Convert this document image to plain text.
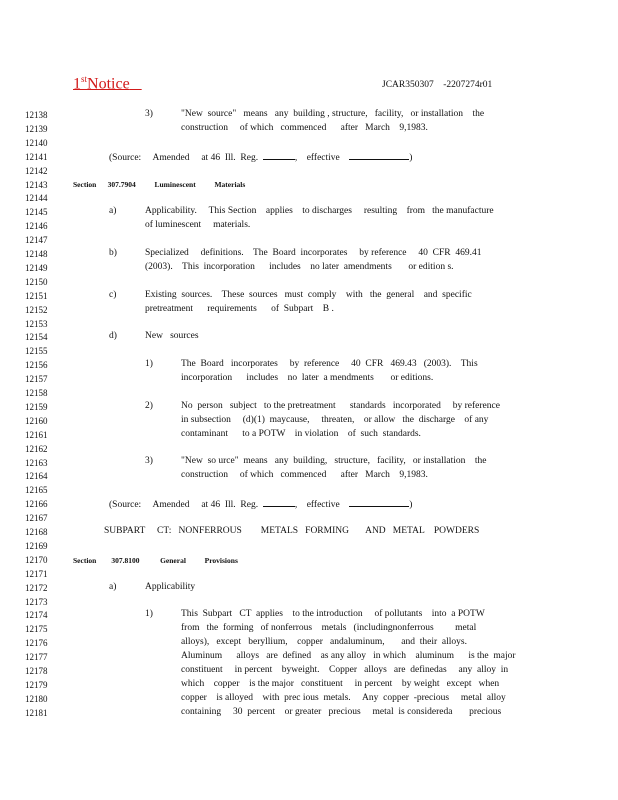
1stNotice	JCAR350307    -2207274r01
12138
12139
12140
12141
12142
12143
12144
12145
12146
12147
12148
12149
12150
12151
12152
12153
12154
12155
12156
12157
12158
12159
12160
12161
12162
12163
12164
12165
12166
12167
12168
12169
12170
12171
12172
12173
12174
12175
12176
12177
12178
12179
12180
12181
3)	"New  source"   means   any  building , structure,   facility,   or installation    the
construction     of which   commenced      after   March    9,1983.
(Source:     Amended     at 46  Ill.  Reg.	,    effective	)
Section      307.7904          Luminescent          Materials
a)	Applicability.     This Section    applies    to discharges     resulting    from   the manufacture
of luminescent     materials.
b)	Specialized     definitions.    The  Board  incorporates     by reference     40  CFR  469.41
(2003).    This  incorporation      includes    no later  amendments       or edition s.
c)	Existing  sources.    These  sources   must  comply    with   the  general    and  specific
pretreatment      requirements      of  Subpart    B .
d)	New   sources
1)	The  Board   incorporates     by  reference     40  CFR   469.43   (2003).    This
incorporation      includes    no  later  a mendments       or editions.
2)	No  person   subject   to the pretreatment      standards   incorporated     by reference
in subsection     (d)(1)  maycause,     threaten,    or allow   the  discharge    of any
contaminant      to a POTW    in violation    of  such  standards.
3)	"New  so urce"  means   any  building,   structure,   facility,   or installation    the
construction     of which   commenced      after   March    9,1983.
(Source:     Amended     at 46  Ill.  Reg.	,    effective	)
SUBPART     CT:   NONFERROUS        METALS   FORMING       AND   METAL    POWDERS
Section        307.8100           General          Provisions
a)	Applicability
1)	This  Subpart   CT  applies    to the introduction     of pollutants    into  a POTW
from   the  forming   of nonferrous    metals   (includingnonferrous         metal
alloys),   except   beryllium,    copper   andaluminum,       and  their  alloys.
Aluminum      alloys   are  defined    as any alloy   in which    aluminum      is the  major
constituent     in percent    byweight.    Copper   alloys   are  definedas     any  alloy  in
which    copper    is the major   constituent     in percent    by weight   except   when
copper    is alloyed    with  prec ious  metals.     Any  copper  -precious     metal  alloy
containing     30  percent    or greater   precious     metal  is considereda       precious
